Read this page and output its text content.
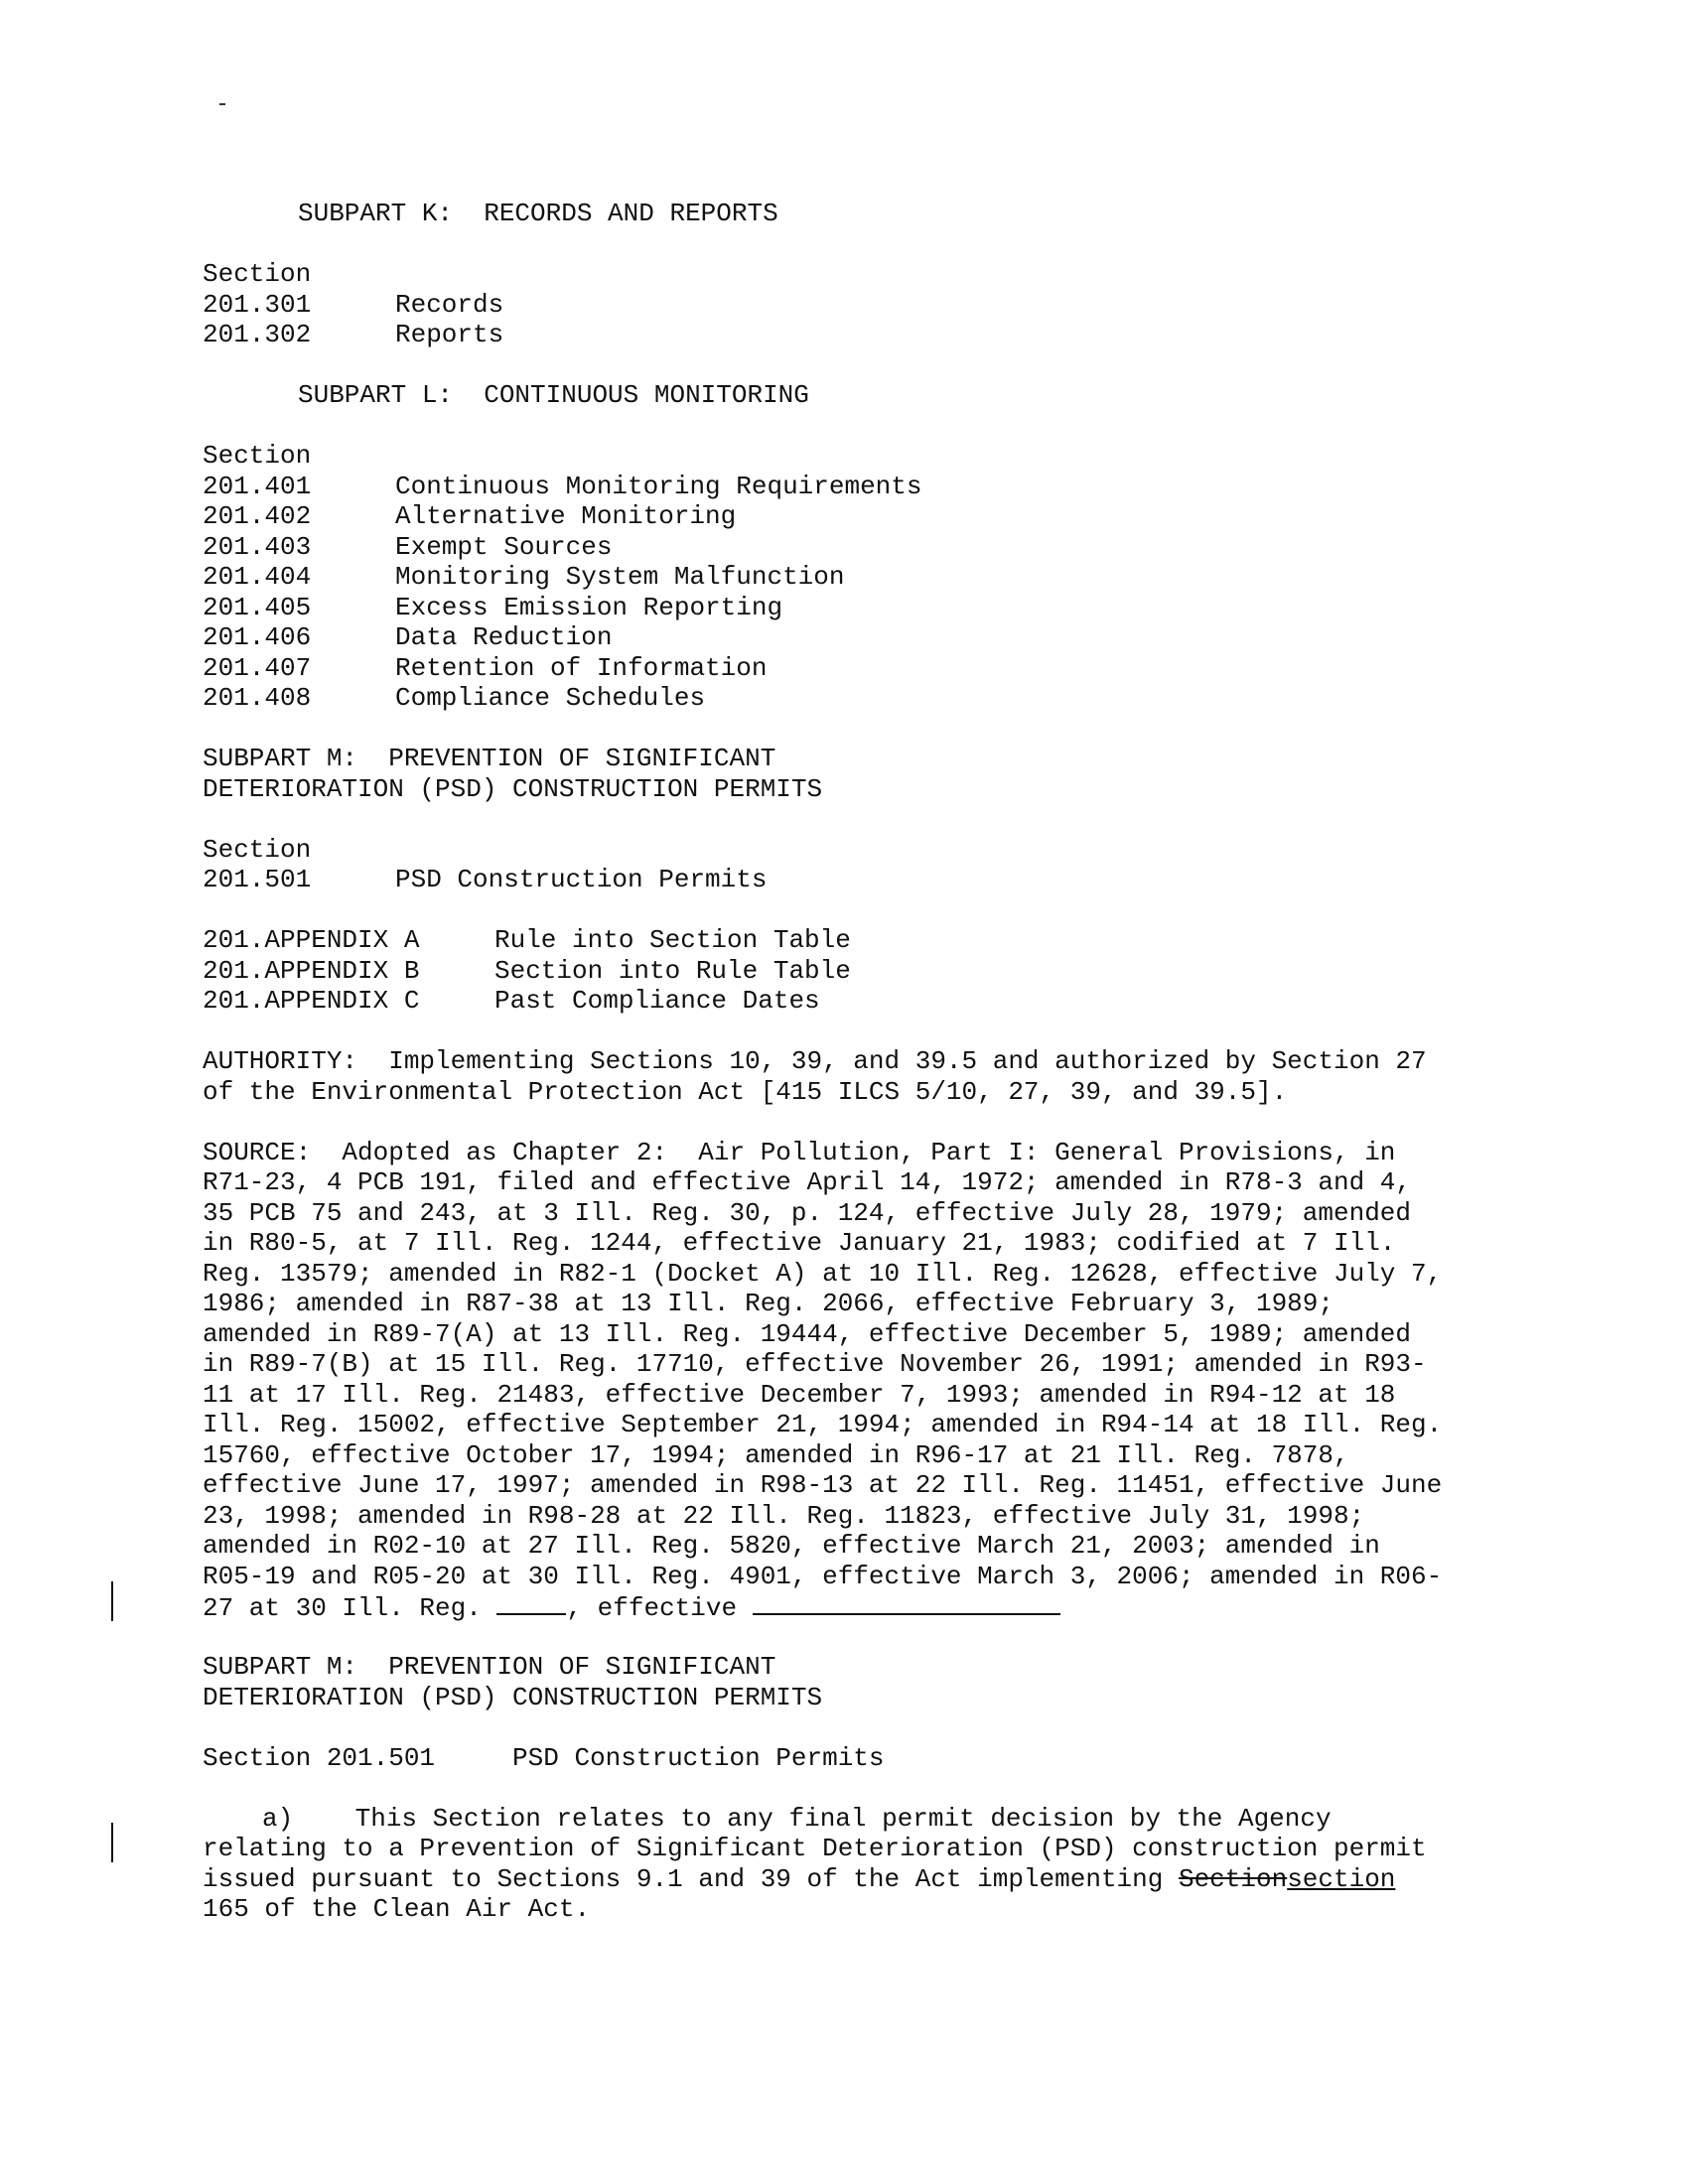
SUBPART K:  RECORDS AND REPORTS
Section
201.301	Records
201.302	Reports
SUBPART L:  CONTINUOUS MONITORING
Section
201.401	Continuous Monitoring Requirements
201.402	Alternative Monitoring
201.403	Exempt Sources
201.404	Monitoring System Malfunction
201.405	Excess Emission Reporting
201.406	Data Reduction
201.407	Retention of Information
201.408	Compliance Schedules
SUBPART M:  PREVENTION OF SIGNIFICANT
DETERIORATION (PSD) CONSTRUCTION PERMITS
Section
201.501	PSD Construction Permits
201.APPENDIX A	Rule into Section Table
201.APPENDIX B	Section into Rule Table
201.APPENDIX C	Past Compliance Dates
AUTHORITY:  Implementing Sections 10, 39, and 39.5 and authorized by Section 27
of the Environmental Protection Act [415 ILCS 5/10, 27, 39, and 39.5].
SOURCE:  Adopted as Chapter 2:  Air Pollution, Part I: General Provisions, in
R71-23, 4 PCB 191, filed and effective April 14, 1972; amended in R78-3 and 4,
35 PCB 75 and 243, at 3 Ill. Reg. 30, p. 124, effective July 28, 1979; amended
in R80-5, at 7 Ill. Reg. 1244, effective January 21, 1983; codified at 7 Ill.
Reg. 13579; amended in R82-1 (Docket A) at 10 Ill. Reg. 12628, effective July 7,
1986; amended in R87-38 at 13 Ill. Reg. 2066, effective February 3, 1989;
amended in R89-7(A) at 13 Ill. Reg. 19444, effective December 5, 1989; amended
in R89-7(B) at 15 Ill. Reg. 17710, effective November 26, 1991; amended in R93-
11 at 17 Ill. Reg. 21483, effective December 7, 1993; amended in R94-12 at 18
Ill. Reg. 15002, effective September 21, 1994; amended in R94-14 at 18 Ill. Reg.
15760, effective October 17, 1994; amended in R96-17 at 21 Ill. Reg. 7878,
effective June 17, 1997; amended in R98-13 at 22 Ill. Reg. 11451, effective June
23, 1998; amended in R98-28 at 22 Ill. Reg. 11823, effective July 31, 1998;
amended in R02-10 at 27 Ill. Reg. 5820, effective March 21, 2003; amended in
R05-19 and R05-20 at 30 Ill. Reg. 4901, effective March 3, 2006; amended in R06-
27 at 30 Ill. Reg.	, effective
SUBPART M:  PREVENTION OF SIGNIFICANT
DETERIORATION (PSD) CONSTRUCTION PERMITS
Section 201.501     PSD Construction Permits
a)    This Section relates to any final permit decision by the Agency
relating to a Prevention of Significant Deterioration (PSD) construction permit
issued pursuant to Sections 9.1 and 39 of the Act implementing Sectionsection
165 of the Clean Air Act.
